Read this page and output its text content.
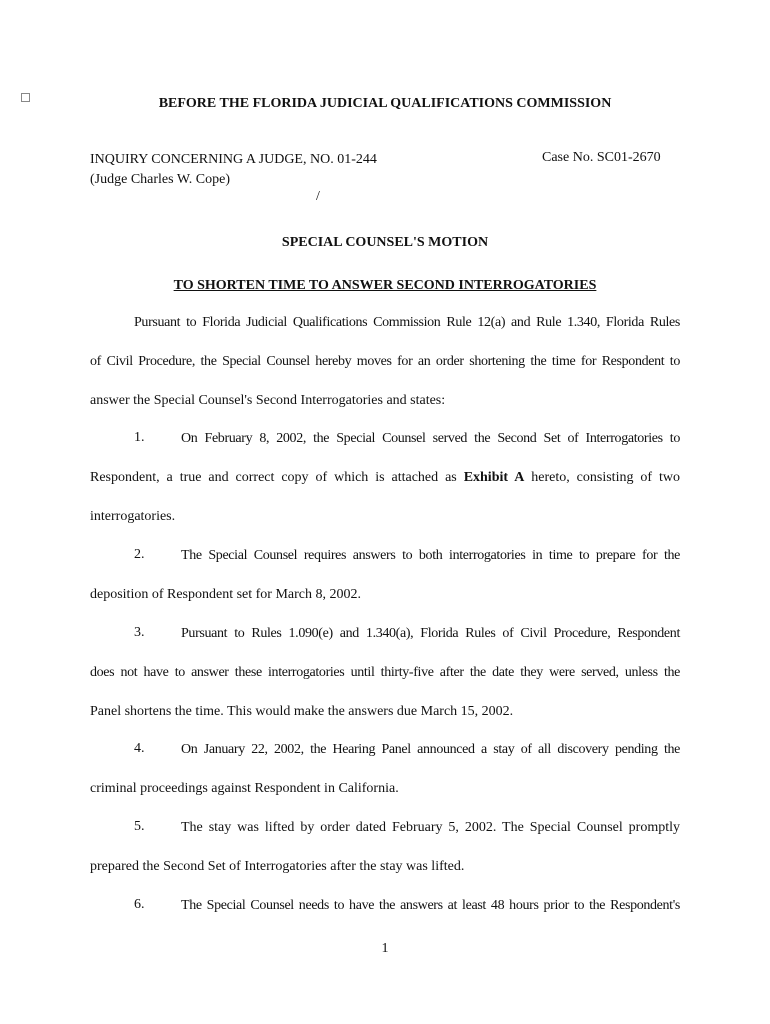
BEFORE THE FLORIDA JUDICIAL QUALIFICATIONS COMMISSION
INQUIRY CONCERNING A JUDGE, NO. 01-244
(Judge Charles W. Cope)
Case No. SC01-2670
/
SPECIAL COUNSEL'S MOTION
TO SHORTEN TIME TO ANSWER SECOND INTERROGATORIES
Pursuant to Florida Judicial Qualifications Commission Rule 12(a) and Rule 1.340, Florida Rules
of Civil Procedure, the Special Counsel hereby moves for an order shortening the time for Respondent to
answer the Special Counsel's Second Interrogatories and states:
1.	On February 8, 2002, the Special Counsel served the Second Set of Interrogatories to
Respondent, a true and correct copy of which is attached as Exhibit A hereto, consisting of two
interrogatories.
2.	The Special Counsel requires answers to both interrogatories in time to prepare for the
deposition of Respondent set for March 8, 2002.
3.	Pursuant to Rules 1.090(e) and 1.340(a), Florida Rules of Civil Procedure, Respondent
does not have to answer these interrogatories until thirty-five after the date they were served, unless the
Panel shortens the time. This would make the answers due March 15, 2002.
4.	On January 22, 2002, the Hearing Panel announced a stay of all discovery pending the
criminal proceedings against Respondent in California.
5.	The stay was lifted by order dated February 5, 2002. The Special Counsel promptly
prepared the Second Set of Interrogatories after the stay was lifted.
6.	The Special Counsel needs to have the answers at least 48 hours prior to the Respondent's
1
